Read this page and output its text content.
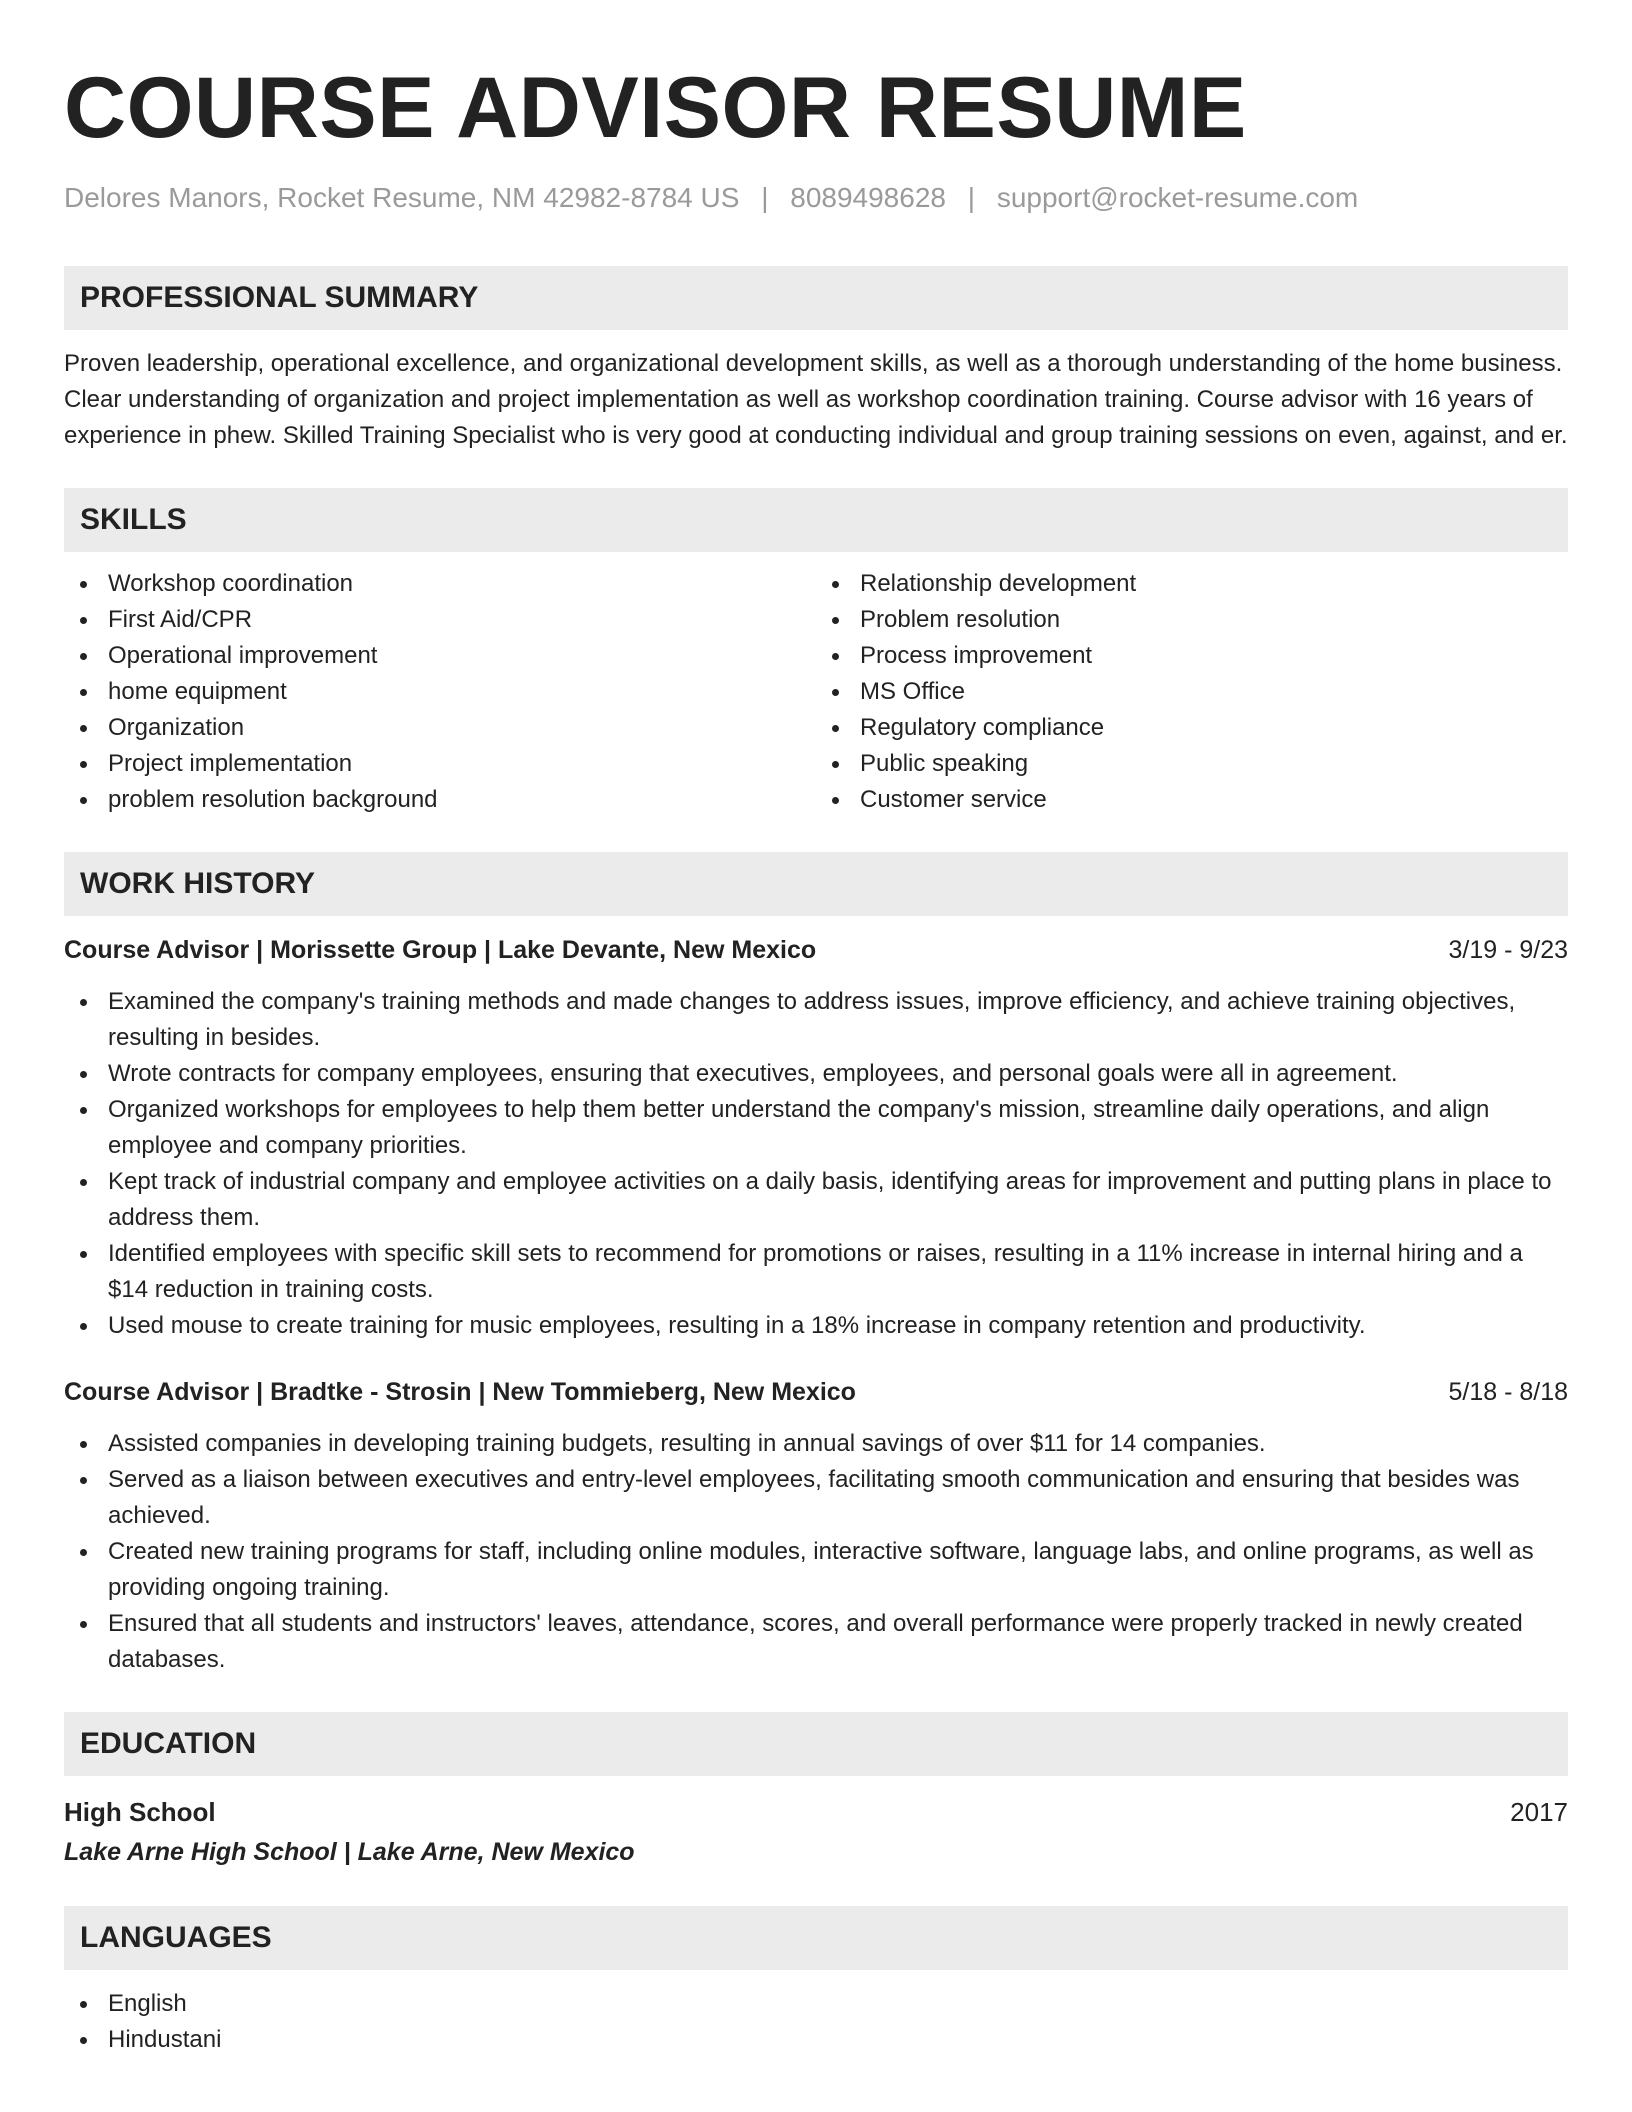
COURSE ADVISOR RESUME
Delores Manors, Rocket Resume, NM 42982-8784 US | 8089498628 | support@rocket-resume.com
PROFESSIONAL SUMMARY

Proven leadership, operational excellence, and organizational development skills, as well as a thorough understanding of the home business. Clear understanding of organization and project implementation as well as workshop coordination training. Course advisor with 16 years of experience in phew. Skilled Training Specialist who is very good at conducting individual and group training sessions on even, against, and er.

SKILLS
Workshop coordination
First Aid/CPR
Operational improvement
home equipment
Organization
Project implementation
problem resolution background
Relationship development
Problem resolution
Process improvement
MS Office
Regulatory compliance
Public speaking
Customer service
WORK HISTORY
Course Advisor | Morissette Group | Lake Devante, New Mexico	3/19 - 9/23
Examined the company's training methods and made changes to address issues, improve efficiency, and achieve training objectives, resulting in besides.
Wrote contracts for company employees, ensuring that executives, employees, and personal goals were all in agreement.
Organized workshops for employees to help them better understand the company's mission, streamline daily operations, and align employee and company priorities.
Kept track of industrial company and employee activities on a daily basis, identifying areas for improvement and putting plans in place to address them.
Identified employees with specific skill sets to recommend for promotions or raises, resulting in a 11% increase in internal hiring and a $14 reduction in training costs.
Used mouse to create training for music employees, resulting in a 18% increase in company retention and productivity.
Course Advisor | Bradtke - Strosin | New Tommieberg, New Mexico	5/18 - 8/18
Assisted companies in developing training budgets, resulting in annual savings of over $11 for 14 companies.
Served as a liaison between executives and entry-level employees, facilitating smooth communication and ensuring that besides was achieved.
Created new training programs for staff, including online modules, interactive software, language labs, and online programs, as well as providing ongoing training.
Ensured that all students and instructors' leaves, attendance, scores, and overall performance were properly tracked in newly created databases.
EDUCATION
High School	2017
Lake Arne High School | Lake Arne, New Mexico
LANGUAGES
English
Hindustani
